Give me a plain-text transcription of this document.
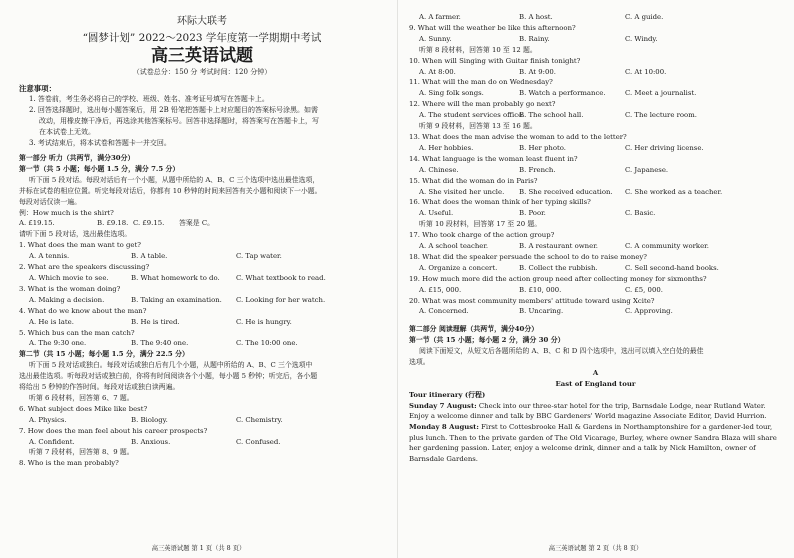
环际大联考
“圆梦计划” 2022～2023 学年度第一学期期中考试
高三英语试题
（试卷总分：150 分 考试时间：120 分钟）
注意事项：
1. 答卷前，考生务必将自己的学校、班级、姓名、准考证号填写在答题卡上。
2. 回答选择题时，选出每小题答案后，用 2B 铅笔把答题卡上对应题目的答案标号涂黑。如需
改动，用橡皮擦干净后，再选涂其他答案标号。回答非选择题时，将答案写在答题卡上，写
在本试卷上无效。
3. 考试结束后，将本试卷和答题卡一并交回。
第一部分 听力（共两节，满分30分）
第一节（共 5 小题；每小题 1.5 分，满分 7.5 分）
听下面 5 段对话。每段对话后有一个小题，从题中所给的 A、B、C 三个选项中选出最佳选项，
并标在试卷的相应位置。听完每段对话后，你都有 10 秒钟的时间来回答有关小题和阅读下一小题。
每段对话仅读一遍。
例：How much is the shirt?
A. £19.15.	B. £9.18. C. £9.15.	答案是 C。
请听下面 5 段对话，选出最佳选项。
1. What does the man want to get?
A. A tennis.	B. A table.	C. Tap water.
2. What are the speakers discussing?
A. Which movie to see.	B. What homework to do.	C. What textbook to read.
3. What is the woman doing?
A. Making a decision.	B. Taking an examination.	C. Looking for her watch.
4. What do we know about the man?
A. He is late.	B. He is tired.	C. He is hungry.
5. Which bus can the man catch?
A. The 9:30 one.	B. The 9:40 one.	C. The 10:00 one.
第二节（共 15 小题；每小题 1.5 分，满分 22.5 分）
听下面 5 段对话或独白。每段对话或独白后有几个小题，从题中所给的 A、B、C 三个选项中
选出最佳选项。听每段对话或独白前，你将有时间阅读各个小题，每小题 5 秒钟；听完后，各小题
将给出 5 秒钟的作答时间。每段对话或独白读两遍。
听第 6 段材料，回答第 6、7 题。
6. What subject does Mike like best?
A. Physics.	B. Biology.	C. Chemistry.
7. How does the man feel about his career prospects?
A. Confident.	B. Anxious.	C. Confused.
听第 7 段材料，回答第 8、9 题。
8. Who is the man probably?
高三英语试题 第 1 页（共 8 页）
A. A farmer.	B. A host.	C. A guide.
9. What will the weather be like this afternoon?
A. Sunny.	B. Rainy.	C. Windy.
听第 8 段材料，回答第 10 至 12 题。
10. When will Singing with Guitar finish tonight?
A. At 8:00.	B. At 9:00.	C. At 10:00.
11. What will the man do on Wednesday?
A. Sing folk songs.	B. Watch a performance.	C. Meet a journalist.
12. Where will the man probably go next?
A. The student services office.
B. The school hall.	C. The lecture room.
听第 9 段材料，回答第 13 至 16 题。
13. What does the man advise the woman to add to the letter?
A. Her hobbies.	B. Her photo.	C. Her driving license.
14. What language is the woman least fluent in?
A. Chinese.	B. French.	C. Japanese.
15. What did the woman do in Paris?
A. She visited her uncle.	B. She received education.	C. She worked as a teacher.
16. What does the woman think of her typing skills?
A. Useful.	B. Poor.	C. Basic.
听第 10 段材料，回答第 17 至 20 题。
17. Who took charge of the action group?
A. A school teacher.	B. A restaurant owner.	C. A community worker.
18. What did the speaker persuade the school to do to raise money?
A. Organize a concert.	B. Collect the rubbish.	C. Sell second-hand books.
19. How much more did the action group need after collecting money for sixmonths?
A. £15, 000.	B. £10, 000.	C. £5, 000.
20. What was most community members' attitude toward using Xcite?
A. Concerned.	B. Uncaring.	C. Approving.
第二部分 阅读理解（共两节，满分40分）
第一节（共 15 小题；每小题 2 分，满分 30 分）
阅读下面短文，从短文后各题所给的 A、B、C 和 D 四个选项中，选出可以填入空白处的最佳
选项。
A
East of England tour
Tour itinerary (行程)
Sunday 7 August: Check into our three-star hotel for the trip, Barnsdale Lodge, near Rutland Water. Enjoy a welcome dinner and talk by BBC Gardeners' World magazine Associate Editor, David Hurrion.
Monday 8 August: First to Cottesbrooke Hall & Gardens in Northamptonshire for a gardener-led tour, plus lunch. Then to the private garden of The Old Vicarage, Burley, where owner Sandra Blaza will share her gardening passion. Later, enjoy a welcome drink, dinner and a talk by Nick Hamilton, owner of Barnsdale Gardens.
高三英语试题 第 2 页（共 8 页）
